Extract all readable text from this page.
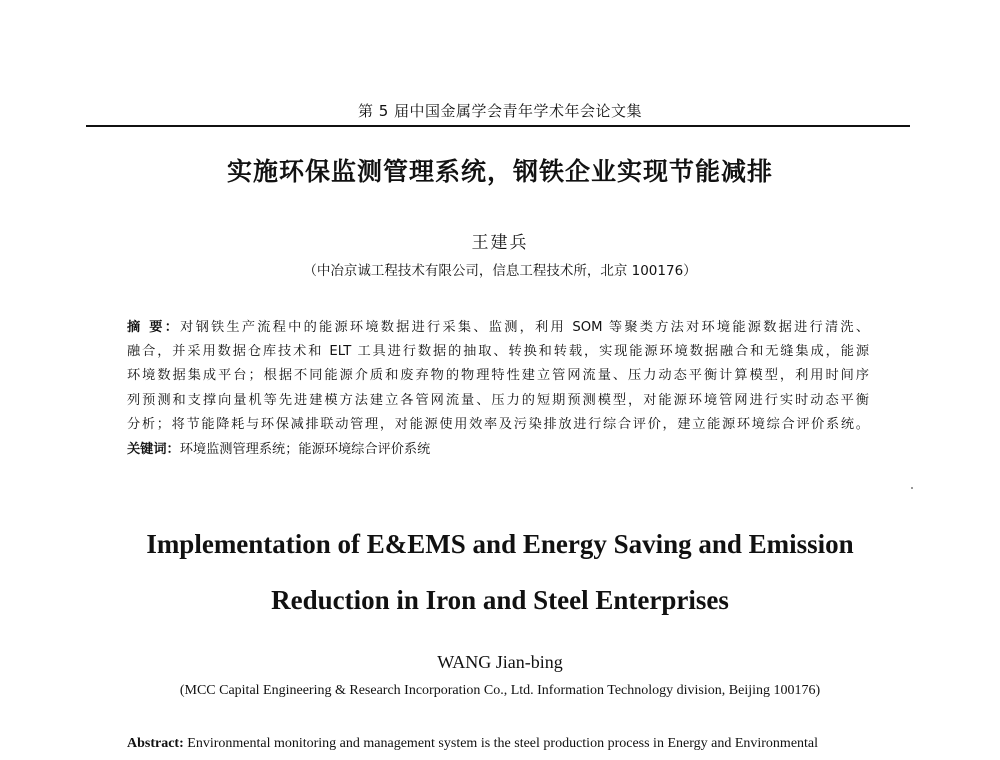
第 5 届中国金属学会青年学术年会论文集
实施环保监测管理系统，钢铁企业实现节能减排
王建兵
（中冶京诚工程技术有限公司，信息工程技术所，北京 100176）
摘 要：对钢铁生产流程中的能源环境数据进行采集、监测，利用 SOM 等聚类方法对环境能源数据进行清洗、
融合，并采用数据仓库技术和 ELT 工具进行数据的抽取、转换和转载，实现能源环境数据融合和无缝集成，能源
环境数据集成平台；根据不同能源介质和废弃物的物理特性建立管网流量、压力动态平衡计算模型，利用时间序
列预测和支撑向量机等先进建模方法建立各管网流量、压力的短期预测模型，对能源环境管网进行实时动态平衡
分析；将节能降耗与环保减排联动管理，对能源使用效率及污染排放进行综合评价，建立能源环境综合评价系统。
关键词：环境监测管理系统；能源环境综合评价系统
Implementation of E&EMS and Energy Saving and Emission
Reduction in Iron and Steel Enterprises
WANG Jian-bing
(MCC Capital Engineering & Research Incorporation Co., Ltd. Information Technology division, Beijing 100176)
Abstract: Environmental monitoring and management system is the steel production process in Energy and Environmental
